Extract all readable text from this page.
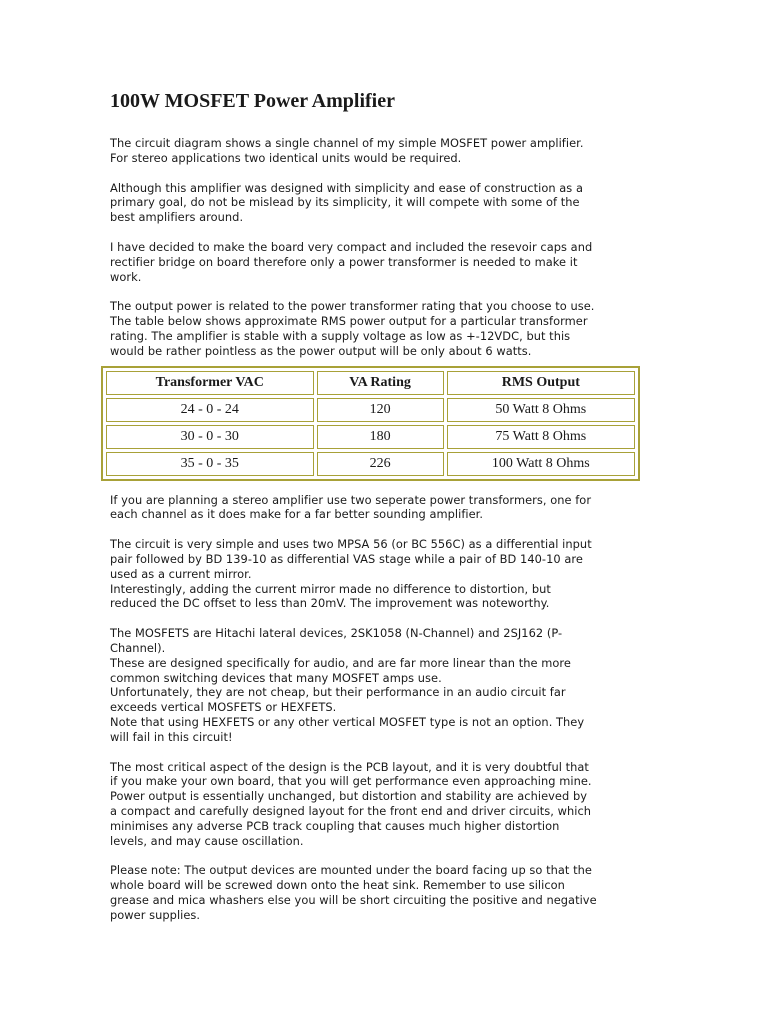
100W MOSFET Power Amplifier

The circuit diagram shows a single channel of my simple MOSFET power amplifier.
For stereo applications two identical units would be required.

Although this amplifier was designed with simplicity and ease of construction as a
primary goal, do not be mislead by its simplicity, it will compete with some of the
best amplifiers around.

I have decided to make the board very compact and included the resevoir caps and
rectifier bridge on board therefore only a power transformer is needed to make it
work.

The output power is related to the power transformer rating that you choose to use.
The table below shows approximate RMS power output for a particular transformer
rating. The amplifier is stable with a supply voltage as low as +-12VDC, but this
would be rather pointless as the power output will be only about 6 watts.

Transformer VAC	VA Rating	RMS Output
24 - 0 - 24	120	50 Watt 8 Ohms
30 - 0 - 30	180	75 Watt 8 Ohms
35 - 0 - 35	226	100 Watt 8 Ohms

If you are planning a stereo amplifier use two seperate power transformers, one for
each channel as it does make for a far better sounding amplifier.

The circuit is very simple and uses two MPSA 56 (or BC 556C) as a differential input
pair followed by BD 139-10 as differential VAS stage while a pair of BD 140-10 are
used as a current mirror.
Interestingly, adding the current mirror made no difference to distortion, but
reduced the DC offset to less than 20mV. The improvement was noteworthy.

The MOSFETS are Hitachi lateral devices, 2SK1058 (N-Channel) and 2SJ162 (P-
Channel).
These are designed specifically for audio, and are far more linear than the more
common switching devices that many MOSFET amps use.
Unfortunately, they are not cheap, but their performance in an audio circuit far
exceeds vertical MOSFETS or HEXFETS.
Note that using HEXFETS or any other vertical MOSFET type is not an option. They
will fail in this circuit!

The most critical aspect of the design is the PCB layout, and it is very doubtful that
if you make your own board, that you will get performance even approaching mine.
Power output is essentially unchanged, but distortion and stability are achieved by
a compact and carefully designed layout for the front end and driver circuits, which
minimises any adverse PCB track coupling that causes much higher distortion
levels, and may cause oscillation.

Please note: The output devices are mounted under the board facing up so that the
whole board will be screwed down onto the heat sink. Remember to use silicon
grease and mica whashers else you will be short circuiting the positive and negative
power supplies.
